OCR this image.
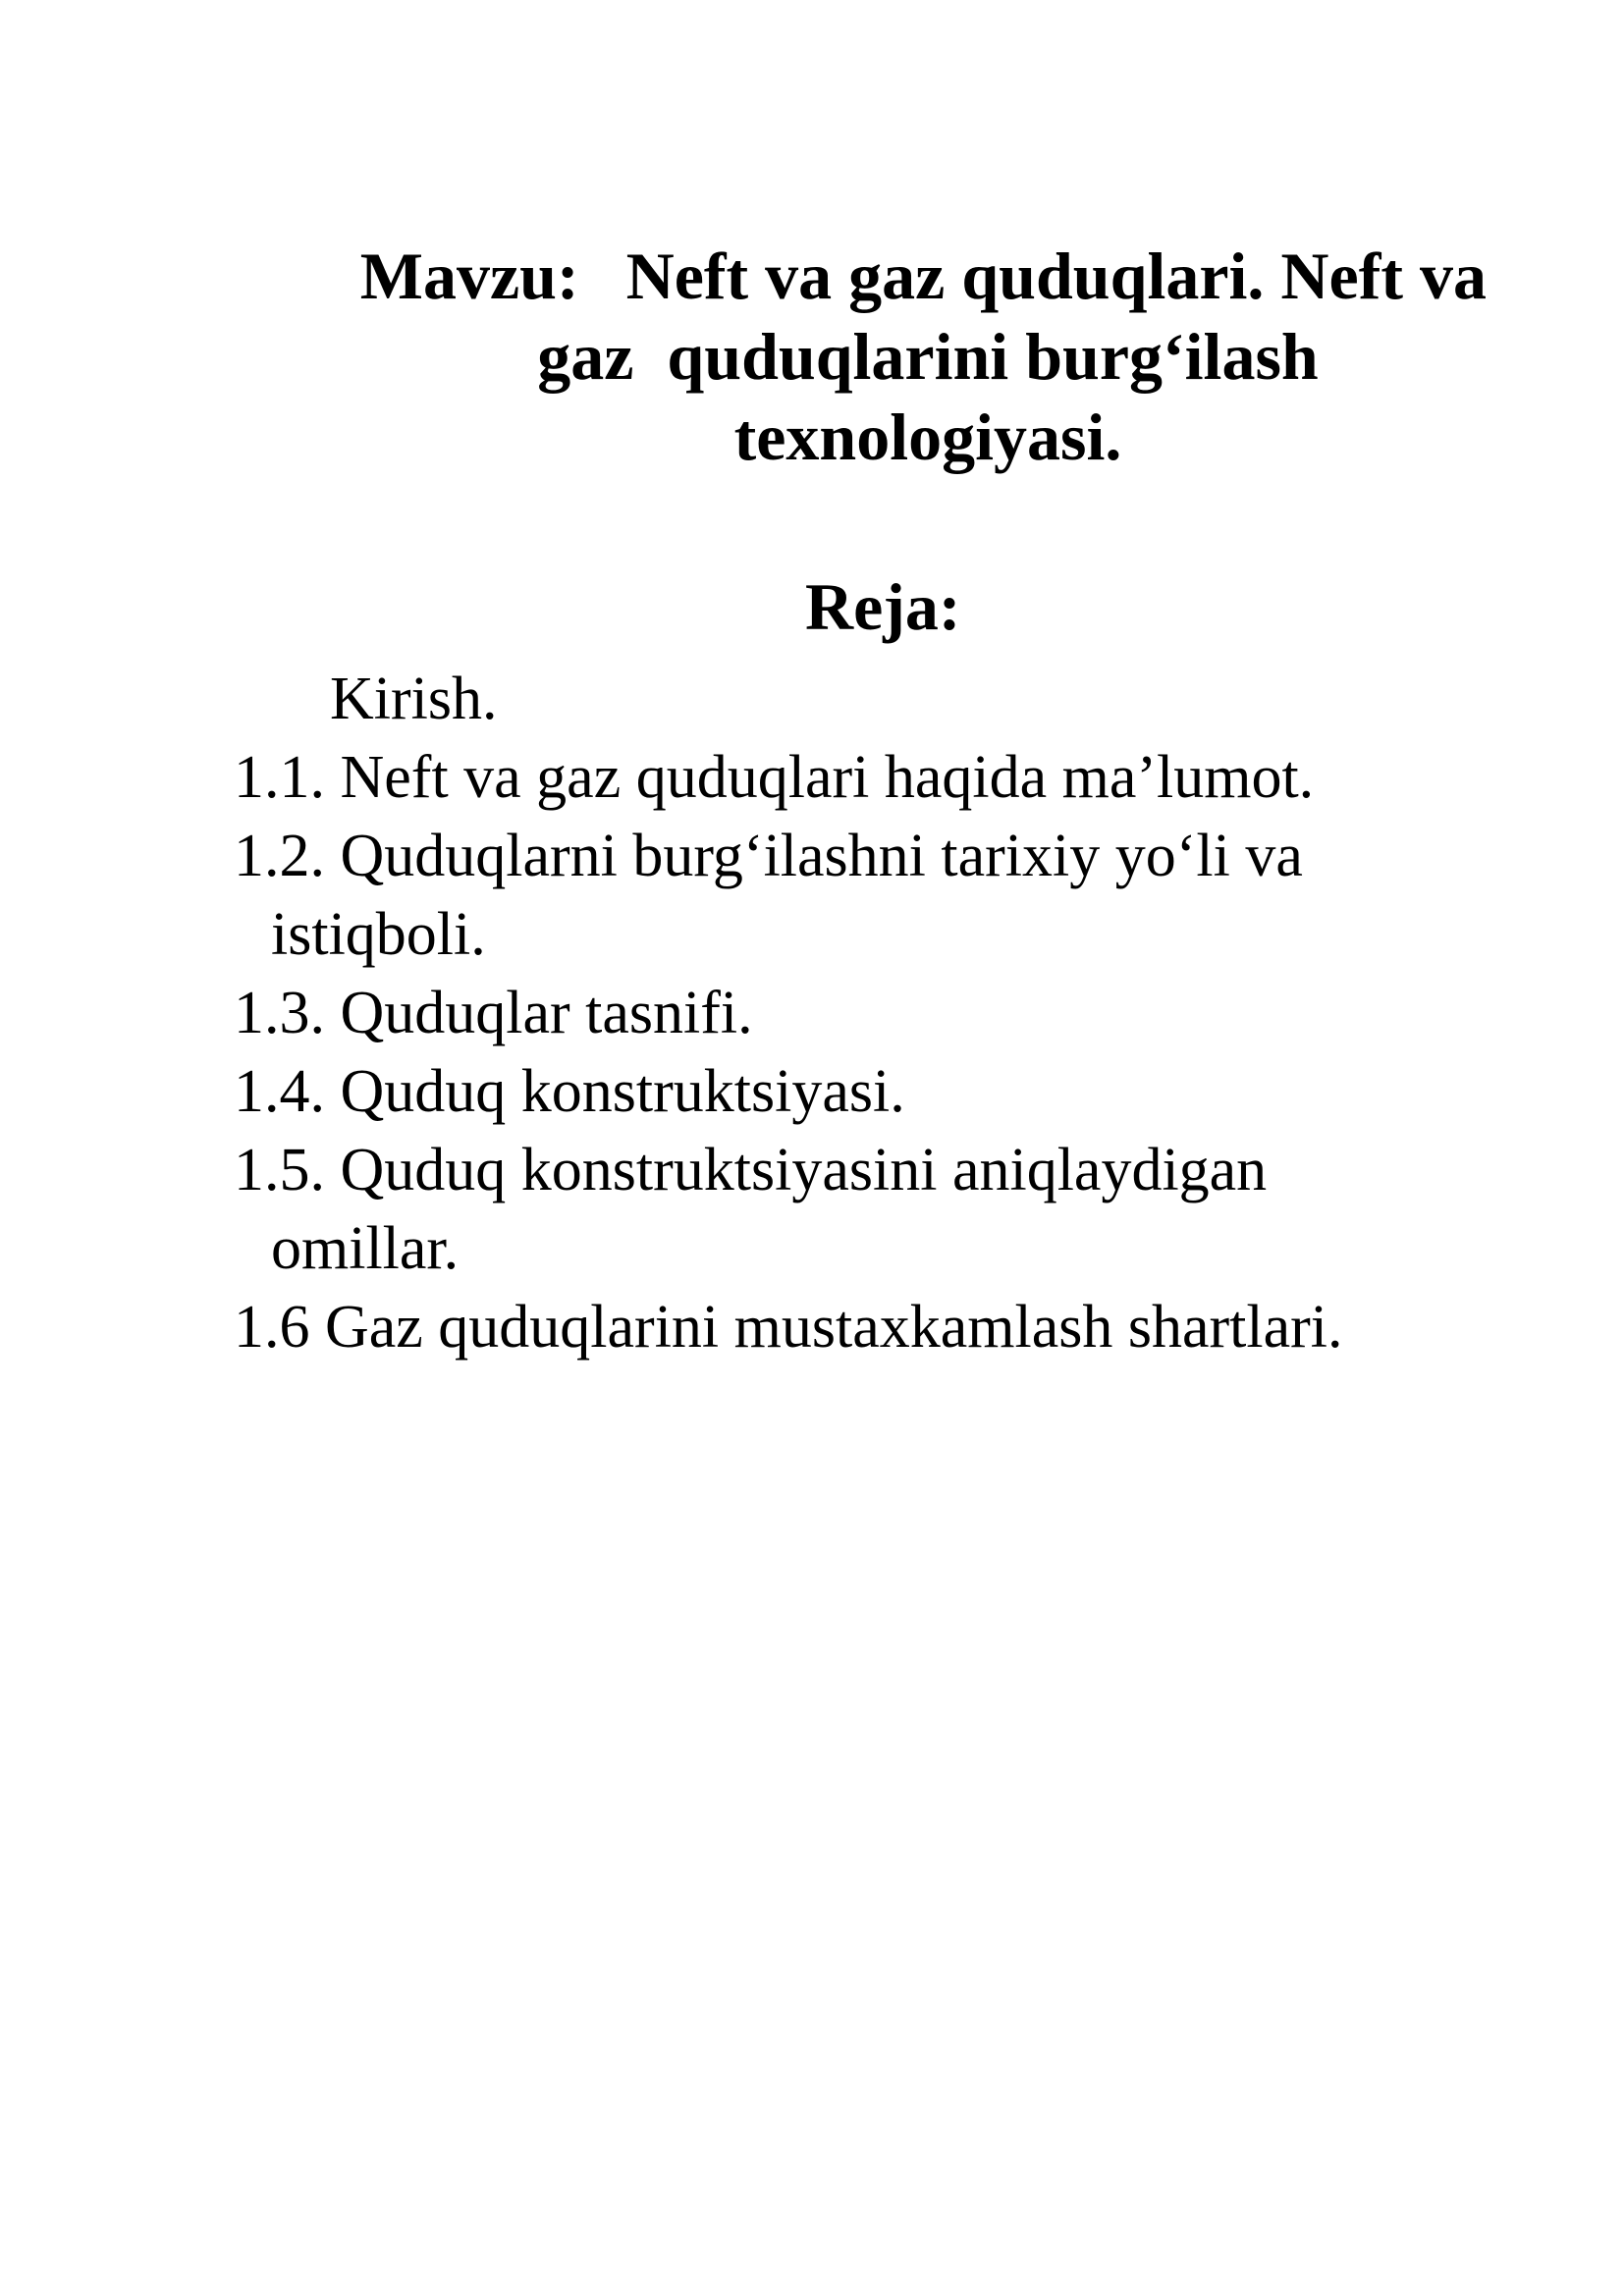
Mavzu: Neft va gaz quduqlari. Neft va
gaz  quduqlarini burg‘ilash
texnologiyasi.
Reja:
Kirish.
1.1. Neft va gaz quduqlari haqida ma’lumot.
1.2. Quduqlarni burg‘ilashni tarixiy yo‘li va
istiqboli.
1.3. Quduqlar tasnifi.
1.4. Quduq konstruktsiyasi.
1.5. Quduq konstruktsiyasini aniqlaydigan
omillar.
1.6 Gaz quduqlarini mustaxkamlash shartlari.
